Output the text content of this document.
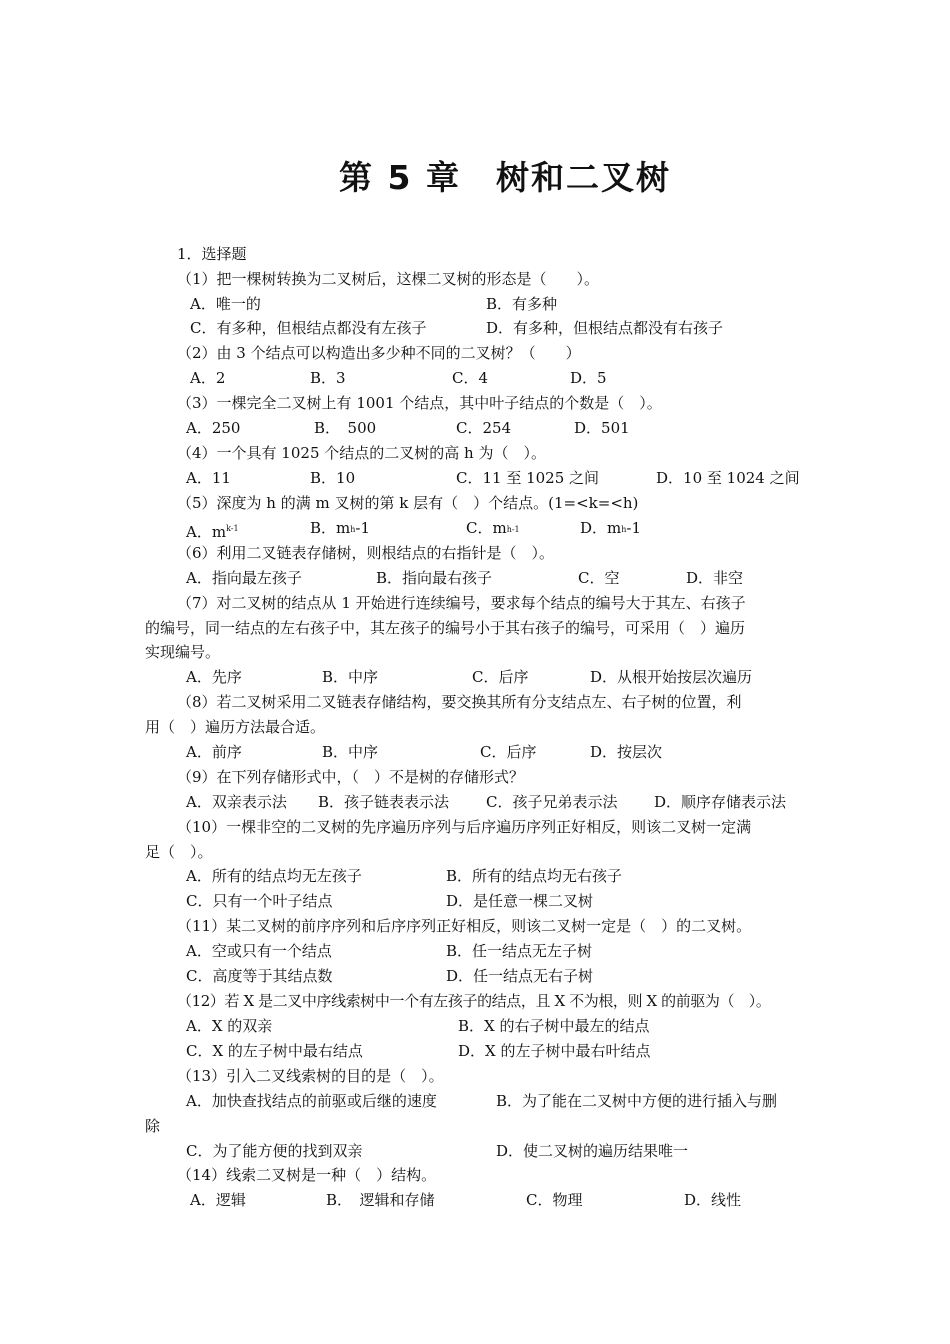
第 5 章　树和二叉树
1．选择题
（1）把一棵树转换为二叉树后，这棵二叉树的形态是（　　）。
A．唯一的	B．有多种
C．有多种，但根结点都没有左孩子	D．有多种，但根结点都没有右孩子
（2）由 3 个结点可以构造出多少种不同的二叉树？（　　）
A．2	B．3	C．4	D．5
（3）一棵完全二叉树上有 1001 个结点，其中叶子结点的个数是（　）。
A．250	B．　500	C．254	D．501
（4）一个具有 1025 个结点的二叉树的高 h 为（　）。
A．11	B．10	C．11 至 1025 之间	D．10 至 1024 之间
（5）深度为 h 的满 m 叉树的第 k 层有（　）个结点。(1=<k=<h)
A．$m^{k-1}$	B．mh-1	C．mh-1	D．mh-1
（6）利用二叉链表存储树，则根结点的右指针是（　）。
A．指向最左孩子	B．指向最右孩子	C．空	D．非空
（7）对二叉树的结点从 1 开始进行连续编号，要求每个结点的编号大于其左、右孩子
的编号，同一结点的左右孩子中，其左孩子的编号小于其右孩子的编号，可采用（　）遍历
实现编号。
A．先序	B．中序	C．后序	D．从根开始按层次遍历
（8）若二叉树采用二叉链表存储结构，要交换其所有分支结点左、右子树的位置，利
用（　）遍历方法最合适。
A．前序	B．中序	C．后序	D．按层次
（9）在下列存储形式中，（　）不是树的存储形式？
A．双亲表示法 B．孩子链表表示法 C．孩子兄弟表示法 D．顺序存储表示法
（10）一棵非空的二叉树的先序遍历序列与后序遍历序列正好相反，则该二叉树一定满
足（　）。
A．所有的结点均无左孩子	B．所有的结点均无右孩子
C．只有一个叶子结点	D．是任意一棵二叉树
（11）某二叉树的前序序列和后序序列正好相反，则该二叉树一定是（　）的二叉树。
A．空或只有一个结点	B．任一结点无左子树
C．高度等于其结点数	D．任一结点无右子树
（12）若 X 是二叉中序线索树中一个有左孩子的结点，且 X 不为根，则 X 的前驱为（　）。
A．X 的双亲	B．X 的右子树中最左的结点
C．X 的左子树中最右结点	D．X 的左子树中最右叶结点
（13）引入二叉线索树的目的是（　）。
A．加快查找结点的前驱或后继的速度	B．为了能在二叉树中方便的进行插入与删
除
C．为了能方便的找到双亲	D．使二叉树的遍历结果唯一
（14）线索二叉树是一种（　）结构。
A．逻辑	B．　逻辑和存储	C．物理	D．线性
